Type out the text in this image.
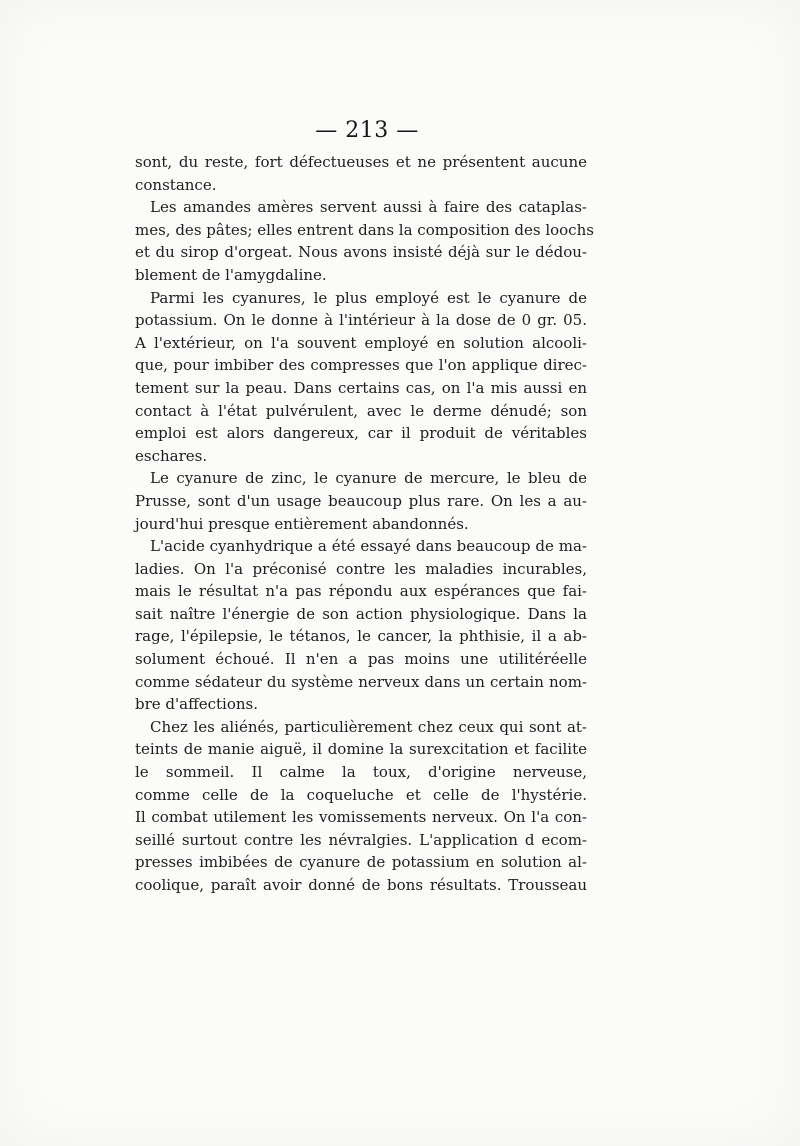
— 213 —
sont, du reste, fort défectueuses et ne présentent aucune
constance.
Les amandes amères servent aussi à faire des cataplas-
mes, des pâtes; elles entrent dans la composition des loochs
et du sirop d'orgeat. Nous avons insisté déjà sur le dédou-
blement de l'amygdaline.
Parmi les cyanures, le plus employé est le cyanure de
potassium. On le donne à l'intérieur à la dose de 0 gr. 05.
A l'extérieur, on l'a souvent employé en solution alcooli-
que, pour imbiber des compresses que l'on applique direc-
tement sur la peau. Dans certains cas, on l'a mis aussi en
contact à l'état pulvérulent, avec le derme dénudé; son
emploi est alors dangereux, car il produit de véritables
eschares.
Le cyanure de zinc, le cyanure de mercure, le bleu de
Prusse, sont d'un usage beaucoup plus rare. On les a au-
jourd'hui presque entièrement abandonnés.
L'acide cyanhydrique a été essayé dans beaucoup de ma-
ladies. On l'a préconisé contre les maladies incurables,
mais le résultat n'a pas répondu aux espérances que fai-
sait naître l'énergie de son action physiologique. Dans la
rage, l'épilepsie, le tétanos, le cancer, la phthisie, il a ab-
solument échoué. Il n'en a pas moins une utilitéréelle
comme sédateur du système nerveux dans un certain nom-
bre d'affections.
Chez les aliénés, particulièrement chez ceux qui sont at-
teints de manie aiguë, il domine la surexcitation et facilite
le sommeil. Il calme la toux, d'origine nerveuse,
comme celle de la coqueluche et celle de l'hystérie.
Il combat utilement les vomissements nerveux. On l'a con-
seillé surtout contre les névralgies. L'application d ecom-
presses imbibées de cyanure de potassium en solution al-
coolique, paraît avoir donné de bons résultats. Trousseau
